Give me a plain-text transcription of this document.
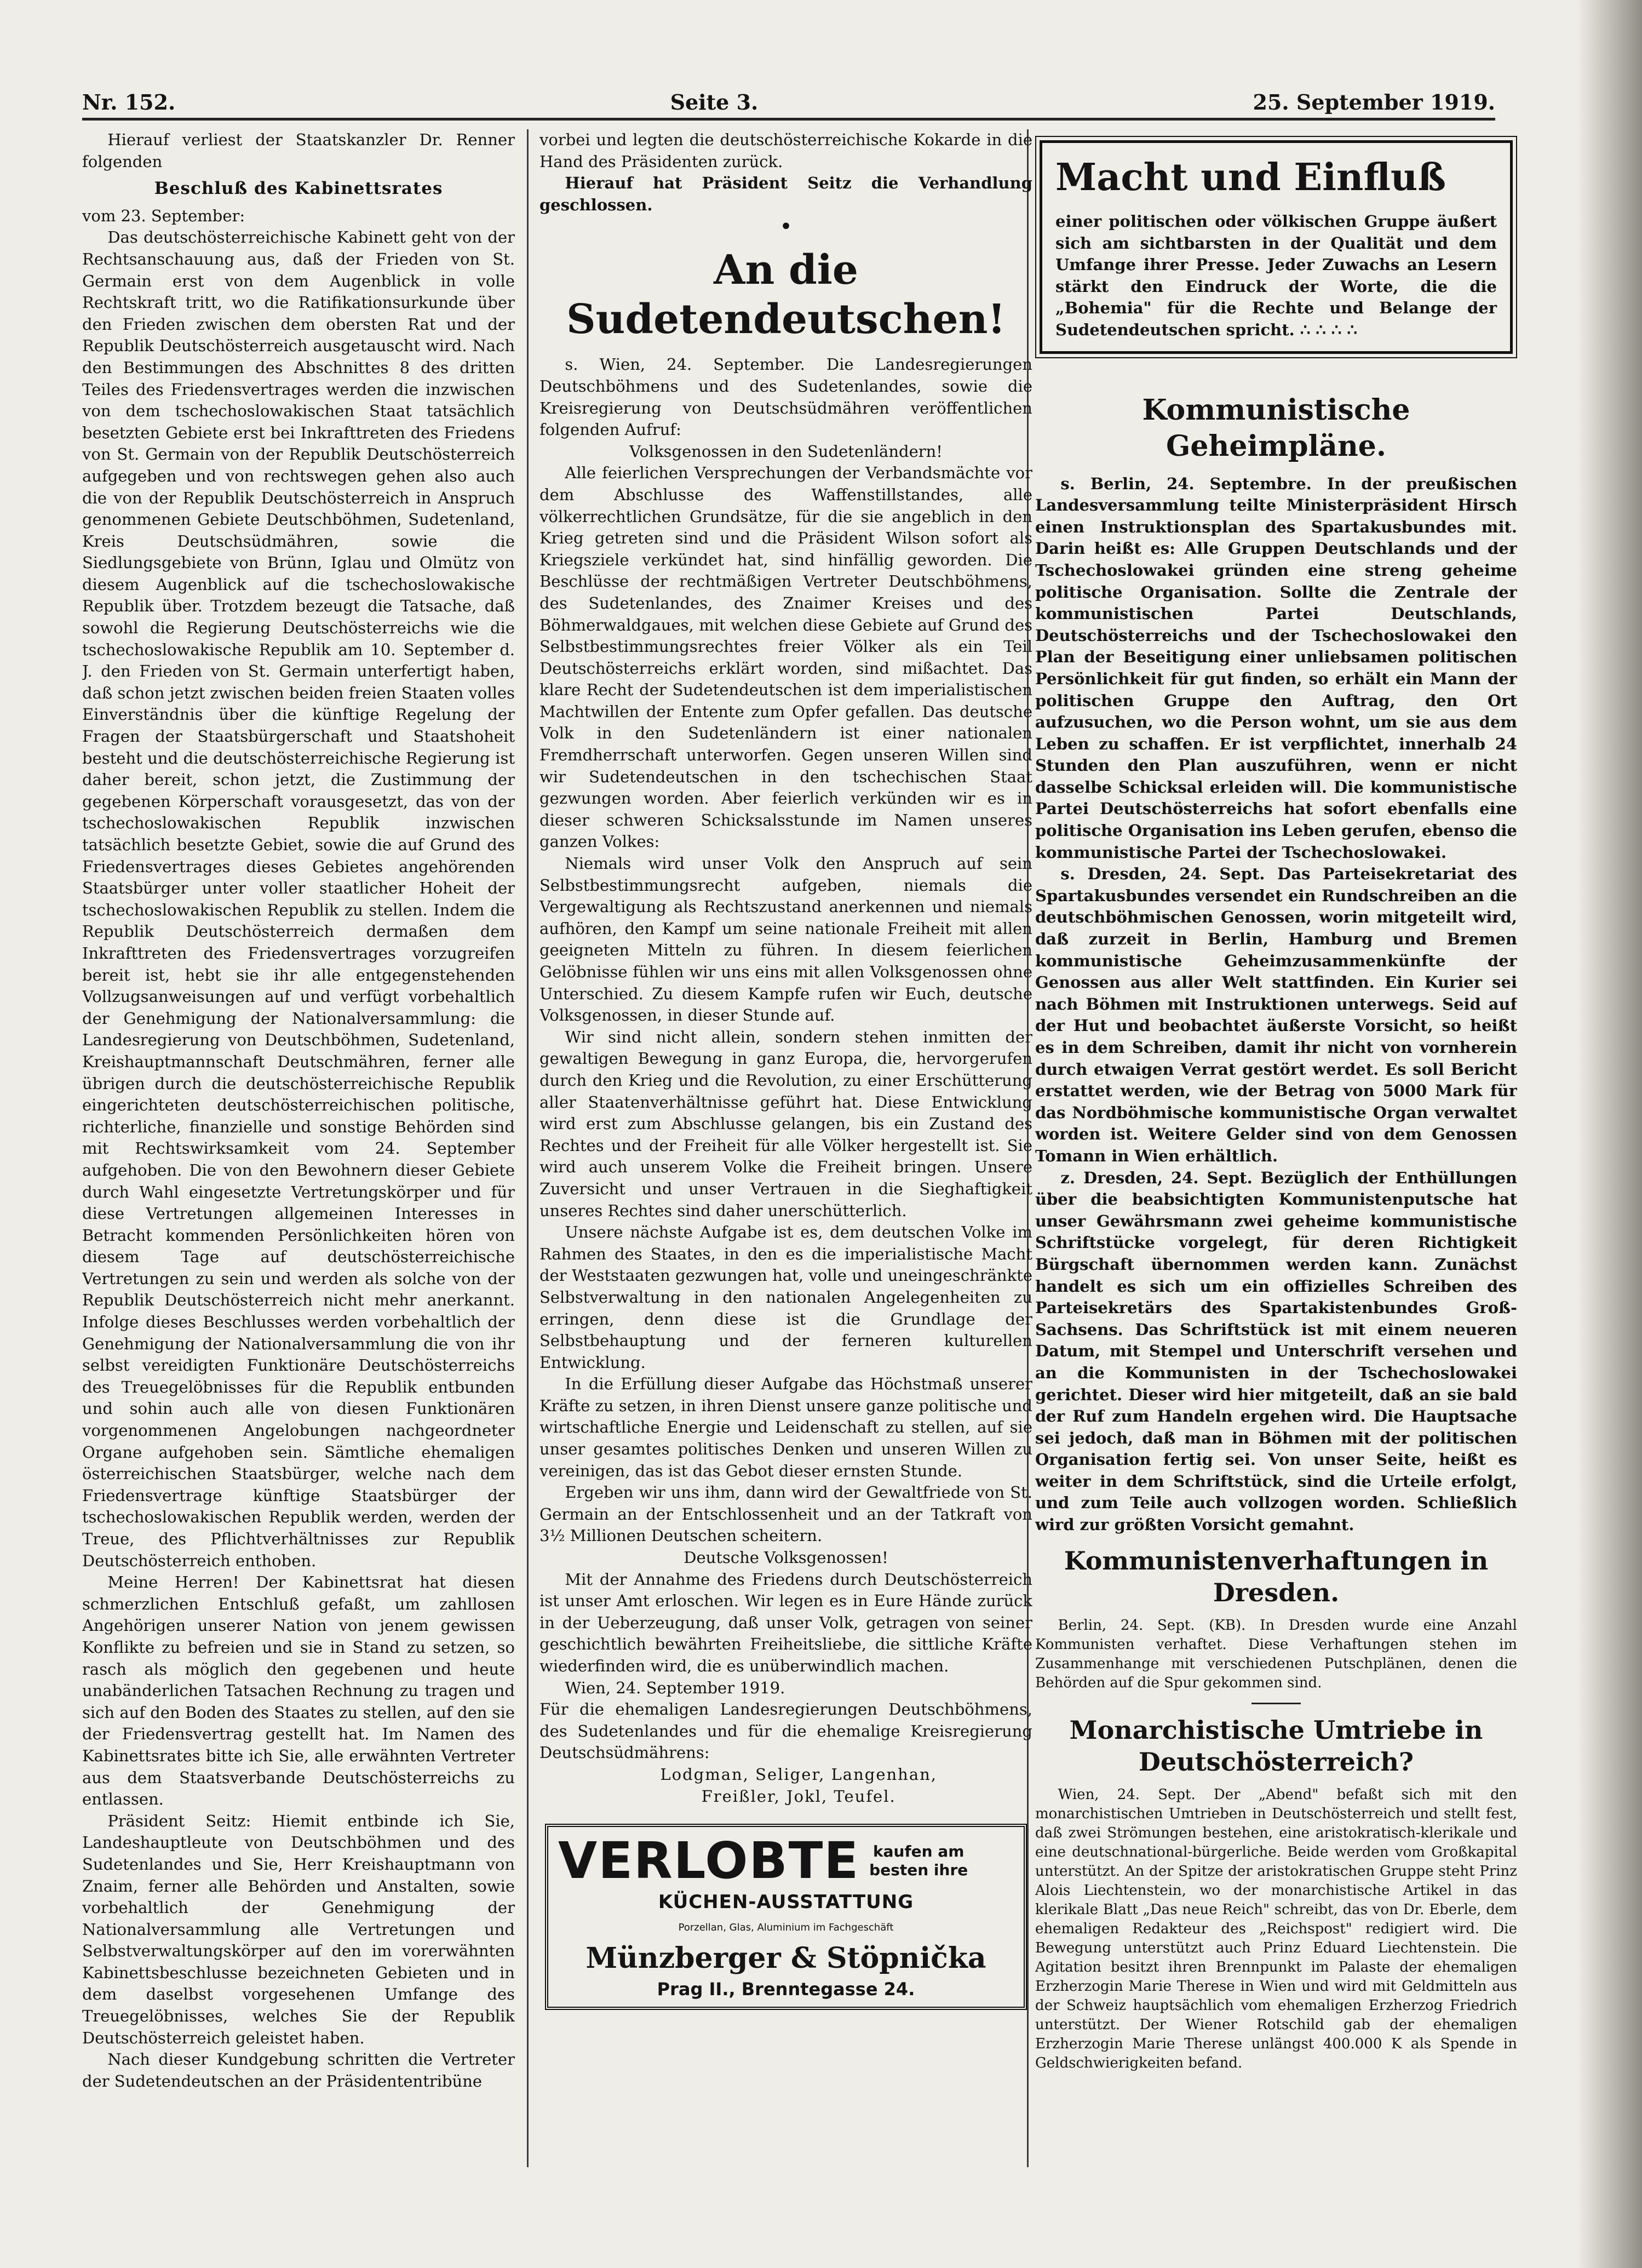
Nr. 152.	Seite 3.	25. September 1919.

Hierauf verliest der Staatskanzler Dr. Renner folgenden

Beschluß des Kabinettsrates

vom 23. September:

Das deutschösterreichische Kabinett geht von der Rechtsanschauung aus, daß der Frieden von St. Germain erst von dem Augenblick in volle Rechtskraft tritt, wo die Ratifikationsurkunde über den Frieden zwischen dem obersten Rat und der Republik Deutschösterreich ausgetauscht wird. Nach den Bestimmungen des Abschnittes 8 des dritten Teiles des Friedensvertrages werden die inzwischen von dem tschechoslowakischen Staat tatsächlich besetzten Gebiete erst bei Inkrafttreten des Friedens von St. Germain von der Republik Deutschösterreich aufgegeben und von rechtswegen gehen also auch die von der Republik Deutschösterreich in Anspruch genommenen Gebiete Deutschböhmen, Sudetenland, Kreis Deutschsüdmähren, sowie die Siedlungsgebiete von Brünn, Iglau und Olmütz von diesem Augenblick auf die tschechoslowakische Republik über. Trotzdem bezeugt die Tatsache, daß sowohl die Regierung Deutschösterreichs wie die tschechoslowakische Republik am 10. September d. J. den Frieden von St. Germain unterfertigt haben, daß schon jetzt zwischen beiden freien Staaten volles Einverständnis über die künftige Regelung der Fragen der Staatsbürgerschaft und Staatshoheit besteht und die deutschösterreichische Regierung ist daher bereit, schon jetzt, die Zustimmung der gegebenen Körperschaft vorausgesetzt, das von der tschechoslowakischen Republik inzwischen tatsächlich besetzte Gebiet, sowie die auf Grund des Friedensvertrages dieses Gebietes angehörenden Staatsbürger unter voller staatlicher Hoheit der tschechoslowakischen Republik zu stellen. Indem die Republik Deutschösterreich dermaßen dem Inkrafttreten des Friedensvertrages vorzugreifen bereit ist, hebt sie ihr alle entgegenstehenden Vollzugsanweisungen auf und verfügt vorbehaltlich der Genehmigung der Nationalversammlung: die Landesregierung von Deutschböhmen, Sudetenland, Kreishauptmannschaft Deutschmähren, ferner alle übrigen durch die deutschösterreichische Republik eingerichteten deutschösterreichischen politische, richterliche, finanzielle und sonstige Behörden sind mit Rechtswirksamkeit vom 24. September aufgehoben. Die von den Bewohnern dieser Gebiete durch Wahl eingesetzte Vertretungskörper und für diese Vertretungen allgemeinen Interesses in Betracht kommenden Persönlichkeiten hören von diesem Tage auf deutschösterreichische Vertretungen zu sein und werden als solche von der Republik Deutschösterreich nicht mehr anerkannt. Infolge dieses Beschlusses werden vorbehaltlich der Genehmigung der Nationalversammlung die von ihr selbst vereidigten Funktionäre Deutschösterreichs des Treuegelöbnisses für die Republik entbunden und sohin auch alle von diesen Funktionären vorgenommenen Angelobungen nachgeordneter Organe aufgehoben sein. Sämtliche ehemaligen österreichischen Staatsbürger, welche nach dem Friedensvertrage künftige Staatsbürger der tschechoslowakischen Republik werden, werden der Treue, des Pflichtverhältnisses zur Republik Deutschösterreich enthoben.

Meine Herren! Der Kabinettsrat hat diesen schmerzlichen Entschluß gefaßt, um zahllosen Angehörigen unserer Nation von jenem gewissen Konflikte zu befreien und sie in Stand zu setzen, so rasch als möglich den gegebenen und heute unabänderlichen Tatsachen Rechnung zu tragen und sich auf den Boden des Staates zu stellen, auf den sie der Friedensvertrag gestellt hat. Im Namen des Kabinettsrates bitte ich Sie, alle erwähnten Vertreter aus dem Staatsverbande Deutschösterreichs zu entlassen.

Präsident Seitz: Hiemit entbinde ich Sie, Landeshauptleute von Deutschböhmen und des Sudetenlandes und Sie, Herr Kreishauptmann von Znaim, ferner alle Behörden und Anstalten, sowie vorbehaltlich der Genehmigung der Nationalversammlung alle Vertretungen und Selbstverwaltungskörper auf den im vorerwähnten Kabinettsbeschlusse bezeichneten Gebieten und in dem daselbst vorgesehenen Umfange des Treuegelöbnisses, welches Sie der Republik Deutschösterreich geleistet haben.

Nach dieser Kundgebung schritten die Vertreter der Sudetendeutschen an der Präsidententribüne

vorbei und legten die deutschösterreichische Kokarde in die Hand des Präsidenten zurück.

Hierauf hat Präsident Seitz die Verhandlung geschlossen.

•
An die Sudetendeutschen!

s. Wien, 24. September. Die Landesregierungen Deutschböhmens und des Sudetenlandes, sowie die Kreisregierung von Deutschsüdmähren veröffentlichen folgenden Aufruf:

Volksgenossen in den Sudetenländern!

Alle feierlichen Versprechungen der Verbandsmächte vor dem Abschlusse des Waffenstillstandes, alle völkerrechtlichen Grundsätze, für die sie angeblich in den Krieg getreten sind und die Präsident Wilson sofort als Kriegsziele verkündet hat, sind hinfällig geworden. Die Beschlüsse der rechtmäßigen Vertreter Deutschböhmens, des Sudetenlandes, des Znaimer Kreises und des Böhmerwaldgaues, mit welchen diese Gebiete auf Grund des Selbstbestimmungsrechtes freier Völker als ein Teil Deutschösterreichs erklärt worden, sind mißachtet. Das klare Recht der Sudetendeutschen ist dem imperialistischen Machtwillen der Entente zum Opfer gefallen. Das deutsche Volk in den Sudetenländern ist einer nationalen Fremdherrschaft unterworfen. Gegen unseren Willen sind wir Sudetendeutschen in den tschechischen Staat gezwungen worden. Aber feierlich verkünden wir es in dieser schweren Schicksalsstunde im Namen unseres ganzen Volkes:

Niemals wird unser Volk den Anspruch auf sein Selbstbestimmungsrecht aufgeben, niemals die Vergewaltigung als Rechtszustand anerkennen und niemals aufhören, den Kampf um seine nationale Freiheit mit allen geeigneten Mitteln zu führen. In diesem feierlichen Gelöbnisse fühlen wir uns eins mit allen Volksgenossen ohne Unterschied. Zu diesem Kampfe rufen wir Euch, deutsche Volksgenossen, in dieser Stunde auf.

Wir sind nicht allein, sondern stehen inmitten der gewaltigen Bewegung in ganz Europa, die, hervorgerufen durch den Krieg und die Revolution, zu einer Erschütterung aller Staatenverhältnisse geführt hat. Diese Entwicklung wird erst zum Abschlusse gelangen, bis ein Zustand des Rechtes und der Freiheit für alle Völker hergestellt ist. Sie wird auch unserem Volke die Freiheit bringen. Unsere Zuversicht und unser Vertrauen in die Sieghaftigkeit unseres Rechtes sind daher unerschütterlich.

Unsere nächste Aufgabe ist es, dem deutschen Volke im Rahmen des Staates, in den es die imperialistische Macht der Weststaaten gezwungen hat, volle und uneingeschränkte Selbstverwaltung in den nationalen Angelegenheiten zu erringen, denn diese ist die Grundlage der Selbstbehauptung und der ferneren kulturellen Entwicklung.

In die Erfüllung dieser Aufgabe das Höchstmaß unserer Kräfte zu setzen, in ihren Dienst unsere ganze politische und wirtschaftliche Energie und Leidenschaft zu stellen, auf sie unser gesamtes politisches Denken und unseren Willen zu vereinigen, das ist das Gebot dieser ernsten Stunde.

Ergeben wir uns ihm, dann wird der Gewaltfriede von St. Germain an der Entschlossenheit und an der Tatkraft von 3½ Millionen Deutschen scheitern.

Deutsche Volksgenossen!

Mit der Annahme des Friedens durch Deutschösterreich ist unser Amt erloschen. Wir legen es in Eure Hände zurück in der Ueberzeugung, daß unser Volk, getragen von seiner geschichtlich bewährten Freiheitsliebe, die sittliche Kräfte wiederfinden wird, die es unüberwindlich machen.

Wien, 24. September 1919.

Für die ehemaligen Landesregierungen Deutschböhmens, des Sudetenlandes und für die ehemalige Kreisregierung Deutschsüdmährens:

Lodgman, Seliger, Langenhan,

Freißler, Jokl, Teufel.

VERLOBTE kaufen am
besten ihre
KÜCHEN-AUSSTATTUNG
Porzellan, Glas, Aluminium im Fachgeschäft
Münzberger & Stöpnička
Prag II., Brenntegasse 24.
Macht und Einfluß

einer politischen oder völkischen Gruppe äußert sich am sichtbarsten in der Qualität und dem Umfange ihrer Presse. Jeder Zuwachs an Lesern stärkt den Eindruck der Worte, die die „Bohemia" für die Rechte und Belange der Sudetendeutschen spricht. ∴ ∴ ∴ ∴

Kommunistische Geheimpläne.

s. Berlin, 24. Septembre. In der preußischen Landesversammlung teilte Ministerpräsident Hirsch einen Instruktionsplan des Spartakusbundes mit. Darin heißt es: Alle Gruppen Deutschlands und der Tschechoslowakei gründen eine streng geheime politische Organisation. Sollte die Zentrale der kommunistischen Partei Deutschlands, Deutschösterreichs und der Tschechoslowakei den Plan der Beseitigung einer unliebsamen politischen Persönlichkeit für gut finden, so erhält ein Mann der politischen Gruppe den Auftrag, den Ort aufzusuchen, wo die Person wohnt, um sie aus dem Leben zu schaffen. Er ist verpflichtet, innerhalb 24 Stunden den Plan auszuführen, wenn er nicht dasselbe Schicksal erleiden will. Die kommunistische Partei Deutschösterreichs hat sofort ebenfalls eine politische Organisation ins Leben gerufen, ebenso die kommunistische Partei der Tschechoslowakei.

s. Dresden, 24. Sept. Das Parteisekretariat des Spartakusbundes versendet ein Rundschreiben an die deutschböhmischen Genossen, worin mitgeteilt wird, daß zurzeit in Berlin, Hamburg und Bremen kommunistische Geheimzusammenkünfte der Genossen aus aller Welt stattfinden. Ein Kurier sei nach Böhmen mit Instruktionen unterwegs. Seid auf der Hut und beobachtet äußerste Vorsicht, so heißt es in dem Schreiben, damit ihr nicht von vornherein durch etwaigen Verrat gestört werdet. Es soll Bericht erstattet werden, wie der Betrag von 5000 Mark für das Nordböhmische kommunistische Organ verwaltet worden ist. Weitere Gelder sind von dem Genossen Tomann in Wien erhältlich.

z. Dresden, 24. Sept. Bezüglich der Enthüllungen über die beabsichtigten Kommunistenputsche hat unser Gewährsmann zwei geheime kommunistische Schriftstücke vorgelegt, für deren Richtigkeit Bürgschaft übernommen werden kann. Zunächst handelt es sich um ein offizielles Schreiben des Parteisekretärs des Spartakistenbundes Groß-Sachsens. Das Schriftstück ist mit einem neueren Datum, mit Stempel und Unterschrift versehen und an die Kommunisten in der Tschechoslowakei gerichtet. Dieser wird hier mitgeteilt, daß an sie bald der Ruf zum Handeln ergehen wird. Die Hauptsache sei jedoch, daß man in Böhmen mit der politischen Organisation fertig sei. Von unser Seite, heißt es weiter in dem Schriftstück, sind die Urteile erfolgt, und zum Teile auch vollzogen worden. Schließlich wird zur größten Vorsicht gemahnt.

Kommunistenverhaftungen in Dresden.

Berlin, 24. Sept. (KB). In Dresden wurde eine Anzahl Kommunisten verhaftet. Diese Verhaftungen stehen im Zusammenhange mit verschiedenen Putschplänen, denen die Behörden auf die Spur gekommen sind.

Monarchistische Umtriebe in Deutschösterreich?

Wien, 24. Sept. Der „Abend" befaßt sich mit den monarchistischen Umtrieben in Deutschösterreich und stellt fest, daß zwei Strömungen bestehen, eine aristokratisch-klerikale und eine deutschnational-bürgerliche. Beide werden vom Großkapital unterstützt. An der Spitze der aristokratischen Gruppe steht Prinz Alois Liechtenstein, wo der monarchistische Artikel in das klerikale Blatt „Das neue Reich" schreibt, das von Dr. Eberle, dem ehemaligen Redakteur des „Reichspost" redigiert wird. Die Bewegung unterstützt auch Prinz Eduard Liechtenstein. Die Agitation besitzt ihren Brennpunkt im Palaste der ehemaligen Erzherzogin Marie Therese in Wien und wird mit Geldmitteln aus der Schweiz hauptsächlich vom ehemaligen Erzherzog Friedrich unterstützt. Der Wiener Rotschild gab der ehemaligen Erzherzogin Marie Therese unlängst 400.000 K als Spende in Geldschwierigkeiten befand.
